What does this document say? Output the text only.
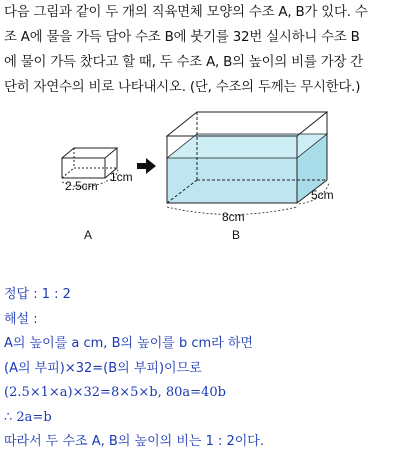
다음 그림과 같이 두 개의 직육면체 모양의 수조 A, B가 있다. 수
조 A에 물을 가득 담아 수조 B에 붓기를 32번 실시하니 수조 B
에 물이 가득 찼다고 할 때, 두 수조 A, B의 높이의 비를 가장 간
단히 자연수의 비로 나타내시오. (단, 수조의 두께는 무시한다.)
2.5cm
1cm
8cm
5cm
A	B
정답 : 1 : 2
해설 :
A의 높이를 a cm, B의 높이를 b cm라 하면
(A의 부피)×32=(B의 부피)이므로
(2.5×1×a)×32=8×5×b, 80a=40b
∴ 2a=b
따라서 두 수조 A, B의 높이의 비는 1 : 2이다.
